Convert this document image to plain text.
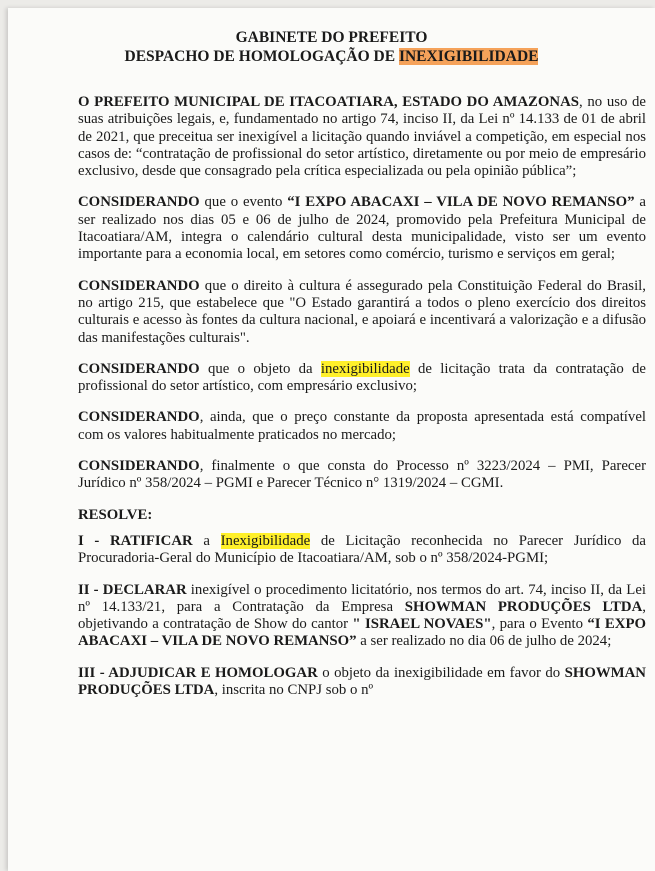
GABINETE DO PREFEITO
DESPACHO DE HOMOLOGAÇÃO DE INEXIGIBILIDADE

O PREFEITO MUNICIPAL DE ITACOATIARA, ESTADO DO AMAZONAS, no uso de suas atribuições legais, e, fundamentado no artigo 74, inciso II, da Lei nº 14.133 de 01 de abril de 2021, que preceitua ser inexigível a licitação quando inviável a competição, em especial nos casos de: “contratação de profissional do setor artístico, diretamente ou por meio de empresário exclusivo, desde que consagrado pela crítica especializada ou pela opinião pública”;

CONSIDERANDO que o evento “I EXPO ABACAXI – VILA DE NOVO REMANSO” a ser realizado nos dias 05 e 06 de julho de 2024, promovido pela Prefeitura Municipal de Itacoatiara/AM, integra o calendário cultural desta municipalidade, visto ser um evento importante para a economia local, em setores como comércio, turismo e serviços em geral;

CONSIDERANDO que o direito à cultura é assegurado pela Constituição Federal do Brasil, no artigo 215, que estabelece que "O Estado garantirá a todos o pleno exercício dos direitos culturais e acesso às fontes da cultura nacional, e apoiará e incentivará a valorização e a difusão das manifestações culturais".

CONSIDERANDO que o objeto da inexigibilidade de licitação trata da contratação de profissional do setor artístico, com empresário exclusivo;

CONSIDERANDO, ainda, que o preço constante da proposta apresentada está compatível com os valores habitualmente praticados no mercado;

CONSIDERANDO, finalmente o que consta do Processo nº 3223/2024 – PMI, Parecer Jurídico nº 358/2024 – PGMI e Parecer Técnico n° 1319/2024 – CGMI.

RESOLVE:

I - RATIFICAR a Inexigibilidade de Licitação reconhecida no Parecer Jurídico da Procuradoria-Geral do Município de Itacoatiara/AM, sob o nº 358/2024-PGMI;

II - DECLARAR inexigível o procedimento licitatório, nos termos do art. 74, inciso II, da Lei nº 14.133/21, para a Contratação da Empresa SHOWMAN PRODUÇÕES LTDA, objetivando a contratação de Show do cantor " ISRAEL NOVAES", para o Evento “I EXPO ABACAXI – VILA DE NOVO REMANSO” a ser realizado no dia 06 de julho de 2024;

III - ADJUDICAR E HOMOLOGAR o objeto da inexigibilidade em favor do SHOWMAN PRODUÇÕES LTDA, inscrita no CNPJ sob o nº
